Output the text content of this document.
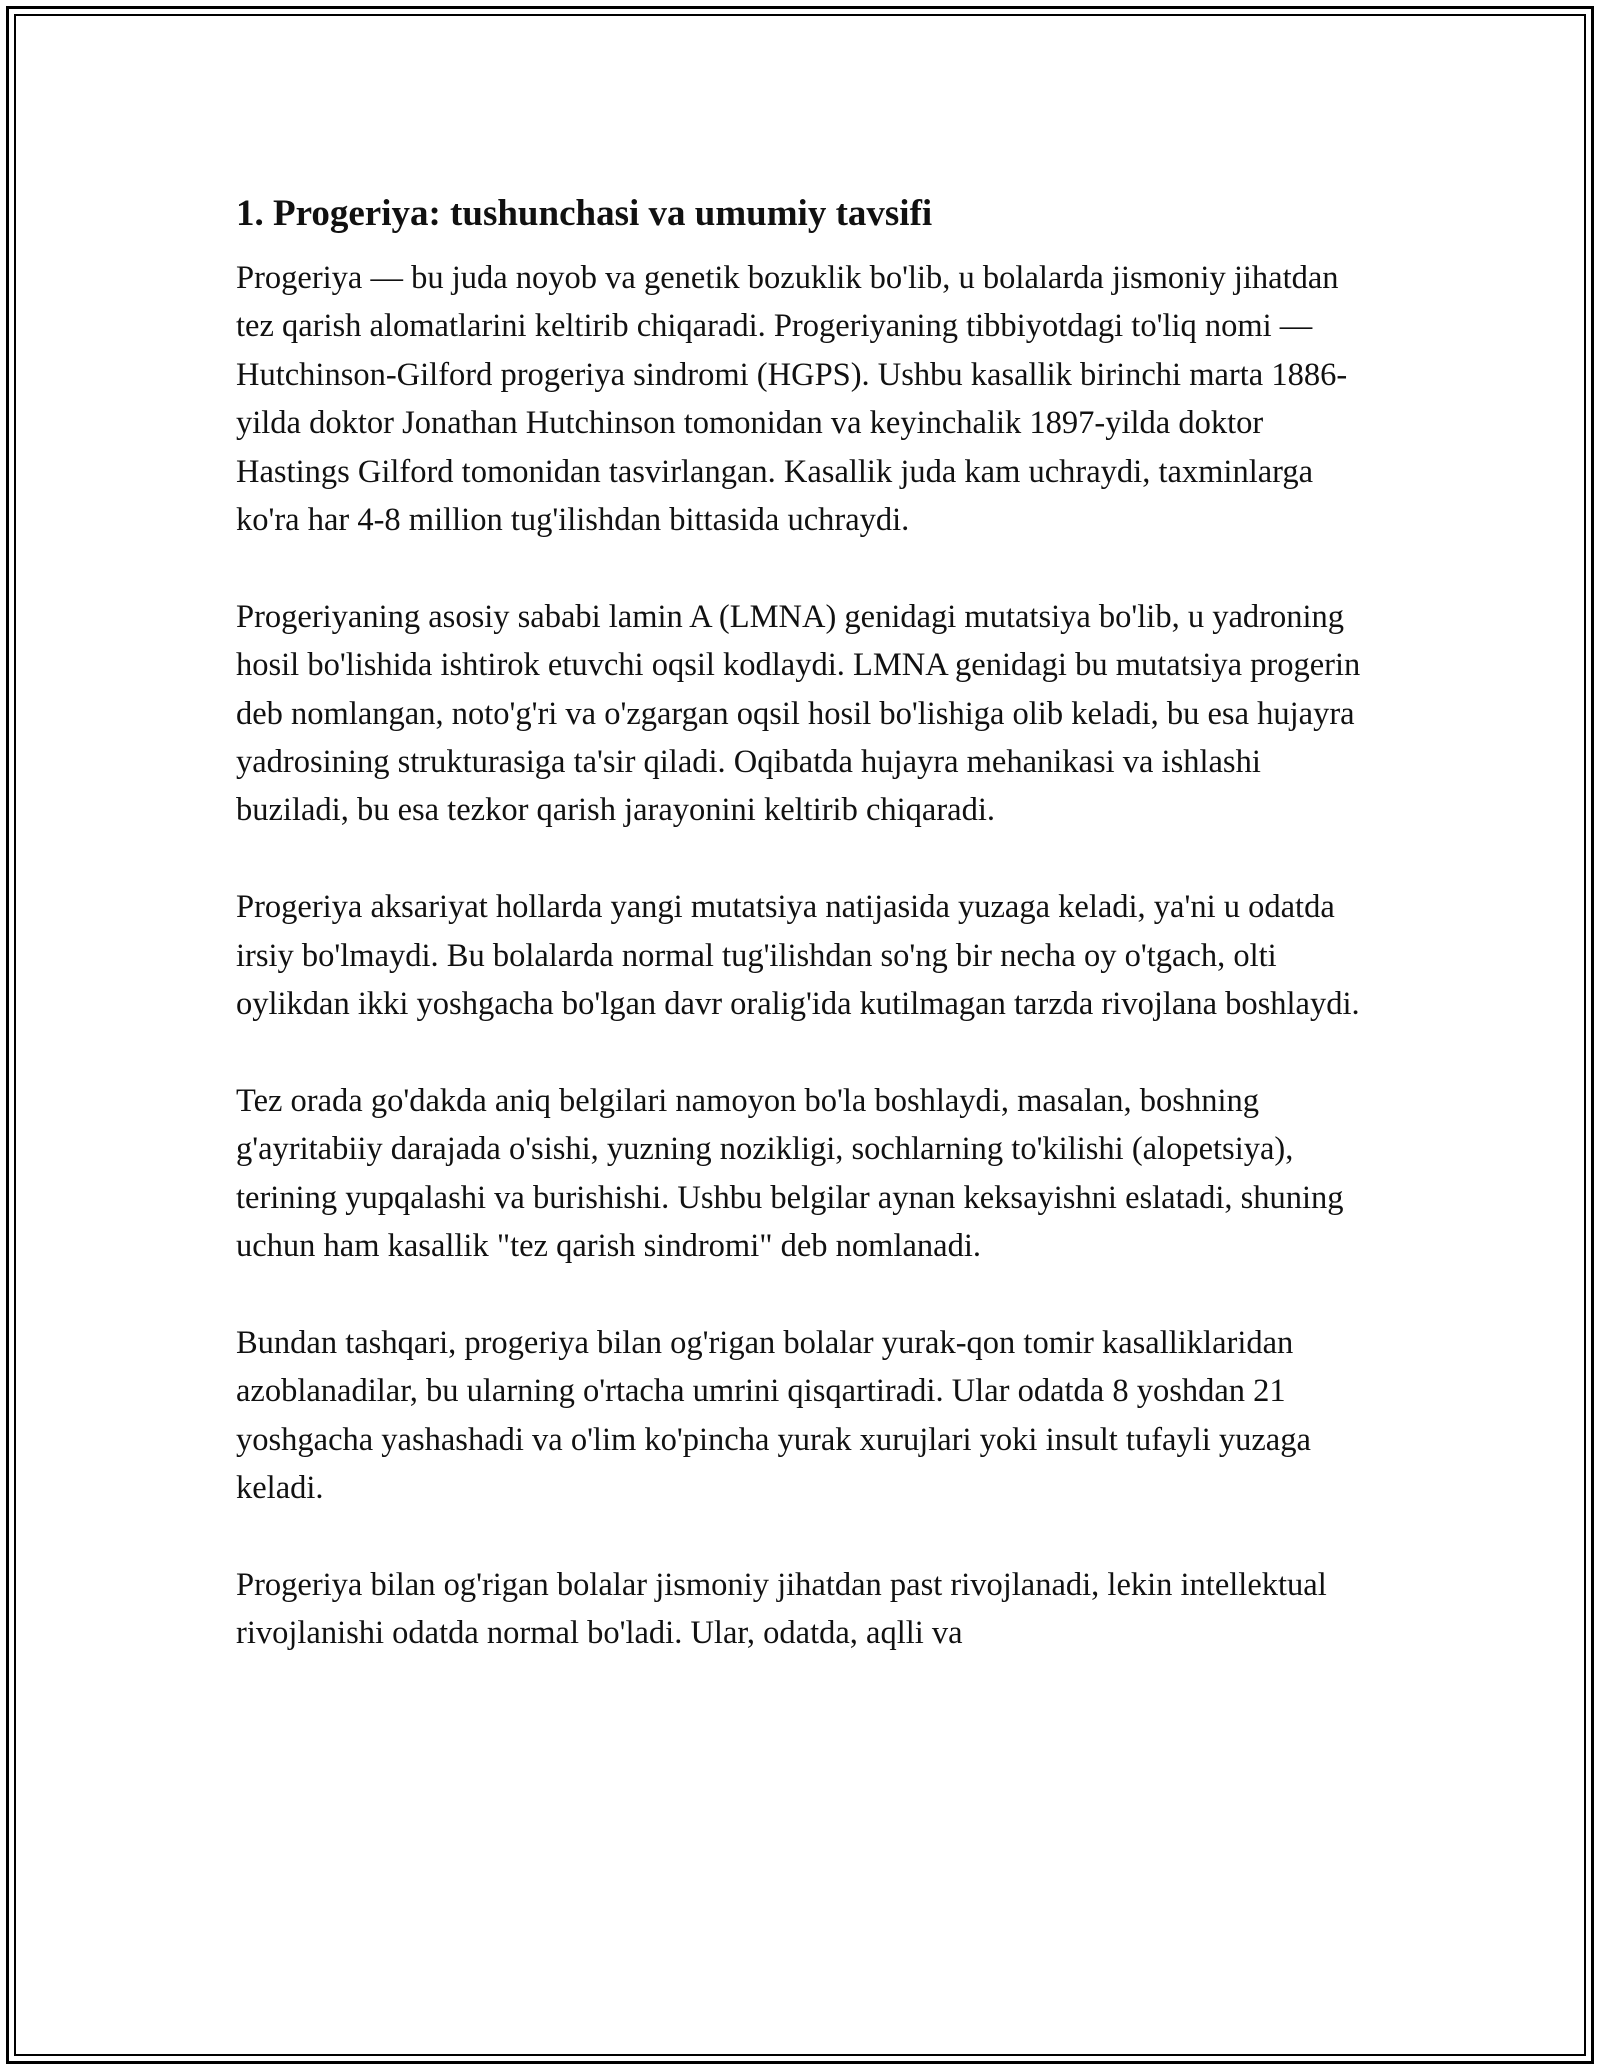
1. Progeriya: tushunchasi va umumiy tavsifi

Progeriya — bu juda noyob va genetik bozuklik bo'lib, u bolalarda jismoniy jihatdan tez qarish alomatlarini keltirib chiqaradi. Progeriyaning tibbiyotdagi to'liq nomi — Hutchinson-Gilford progeriya sindromi (HGPS). Ushbu kasallik birinchi marta 1886-yilda doktor Jonathan Hutchinson tomonidan va keyinchalik 1897-yilda doktor Hastings Gilford tomonidan tasvirlangan. Kasallik juda kam uchraydi, taxminlarga ko'ra har 4-8 million tug'ilishdan bittasida uchraydi.

Progeriyaning asosiy sababi lamin A (LMNA) genidagi mutatsiya bo'lib, u yadroning hosil bo'lishida ishtirok etuvchi oqsil kodlaydi. LMNA genidagi bu mutatsiya progerin deb nomlangan, noto'g'ri va o'zgargan oqsil hosil bo'lishiga olib keladi, bu esa hujayra yadrosining strukturasiga ta'sir qiladi. Oqibatda hujayra mehanikasi va ishlashi buziladi, bu esa tezkor qarish jarayonini keltirib chiqaradi.

Progeriya aksariyat hollarda yangi mutatsiya natijasida yuzaga keladi, ya'ni u odatda irsiy bo'lmaydi. Bu bolalarda normal tug'ilishdan so'ng bir necha oy o'tgach, olti oylikdan ikki yoshgacha bo'lgan davr oralig'ida kutilmagan tarzda rivojlana boshlaydi.

Tez orada go'dakda aniq belgilari namoyon bo'la boshlaydi, masalan, boshning g'ayritabiiy darajada o'sishi, yuzning nozikligi, sochlarning to'kilishi (alopetsiya), terining yupqalashi va burishishi. Ushbu belgilar aynan keksayishni eslatadi, shuning uchun ham kasallik "tez qarish sindromi" deb nomlanadi.

Bundan tashqari, progeriya bilan og'rigan bolalar yurak-qon tomir kasalliklaridan azoblanadilar, bu ularning o'rtacha umrini qisqartiradi. Ular odatda 8 yoshdan 21 yoshgacha yashashadi va o'lim ko'pincha yurak xurujlari yoki insult tufayli yuzaga keladi.

Progeriya bilan og'rigan bolalar jismoniy jihatdan past rivojlanadi, lekin intellektual rivojlanishi odatda normal bo'ladi. Ular, odatda, aqlli va
